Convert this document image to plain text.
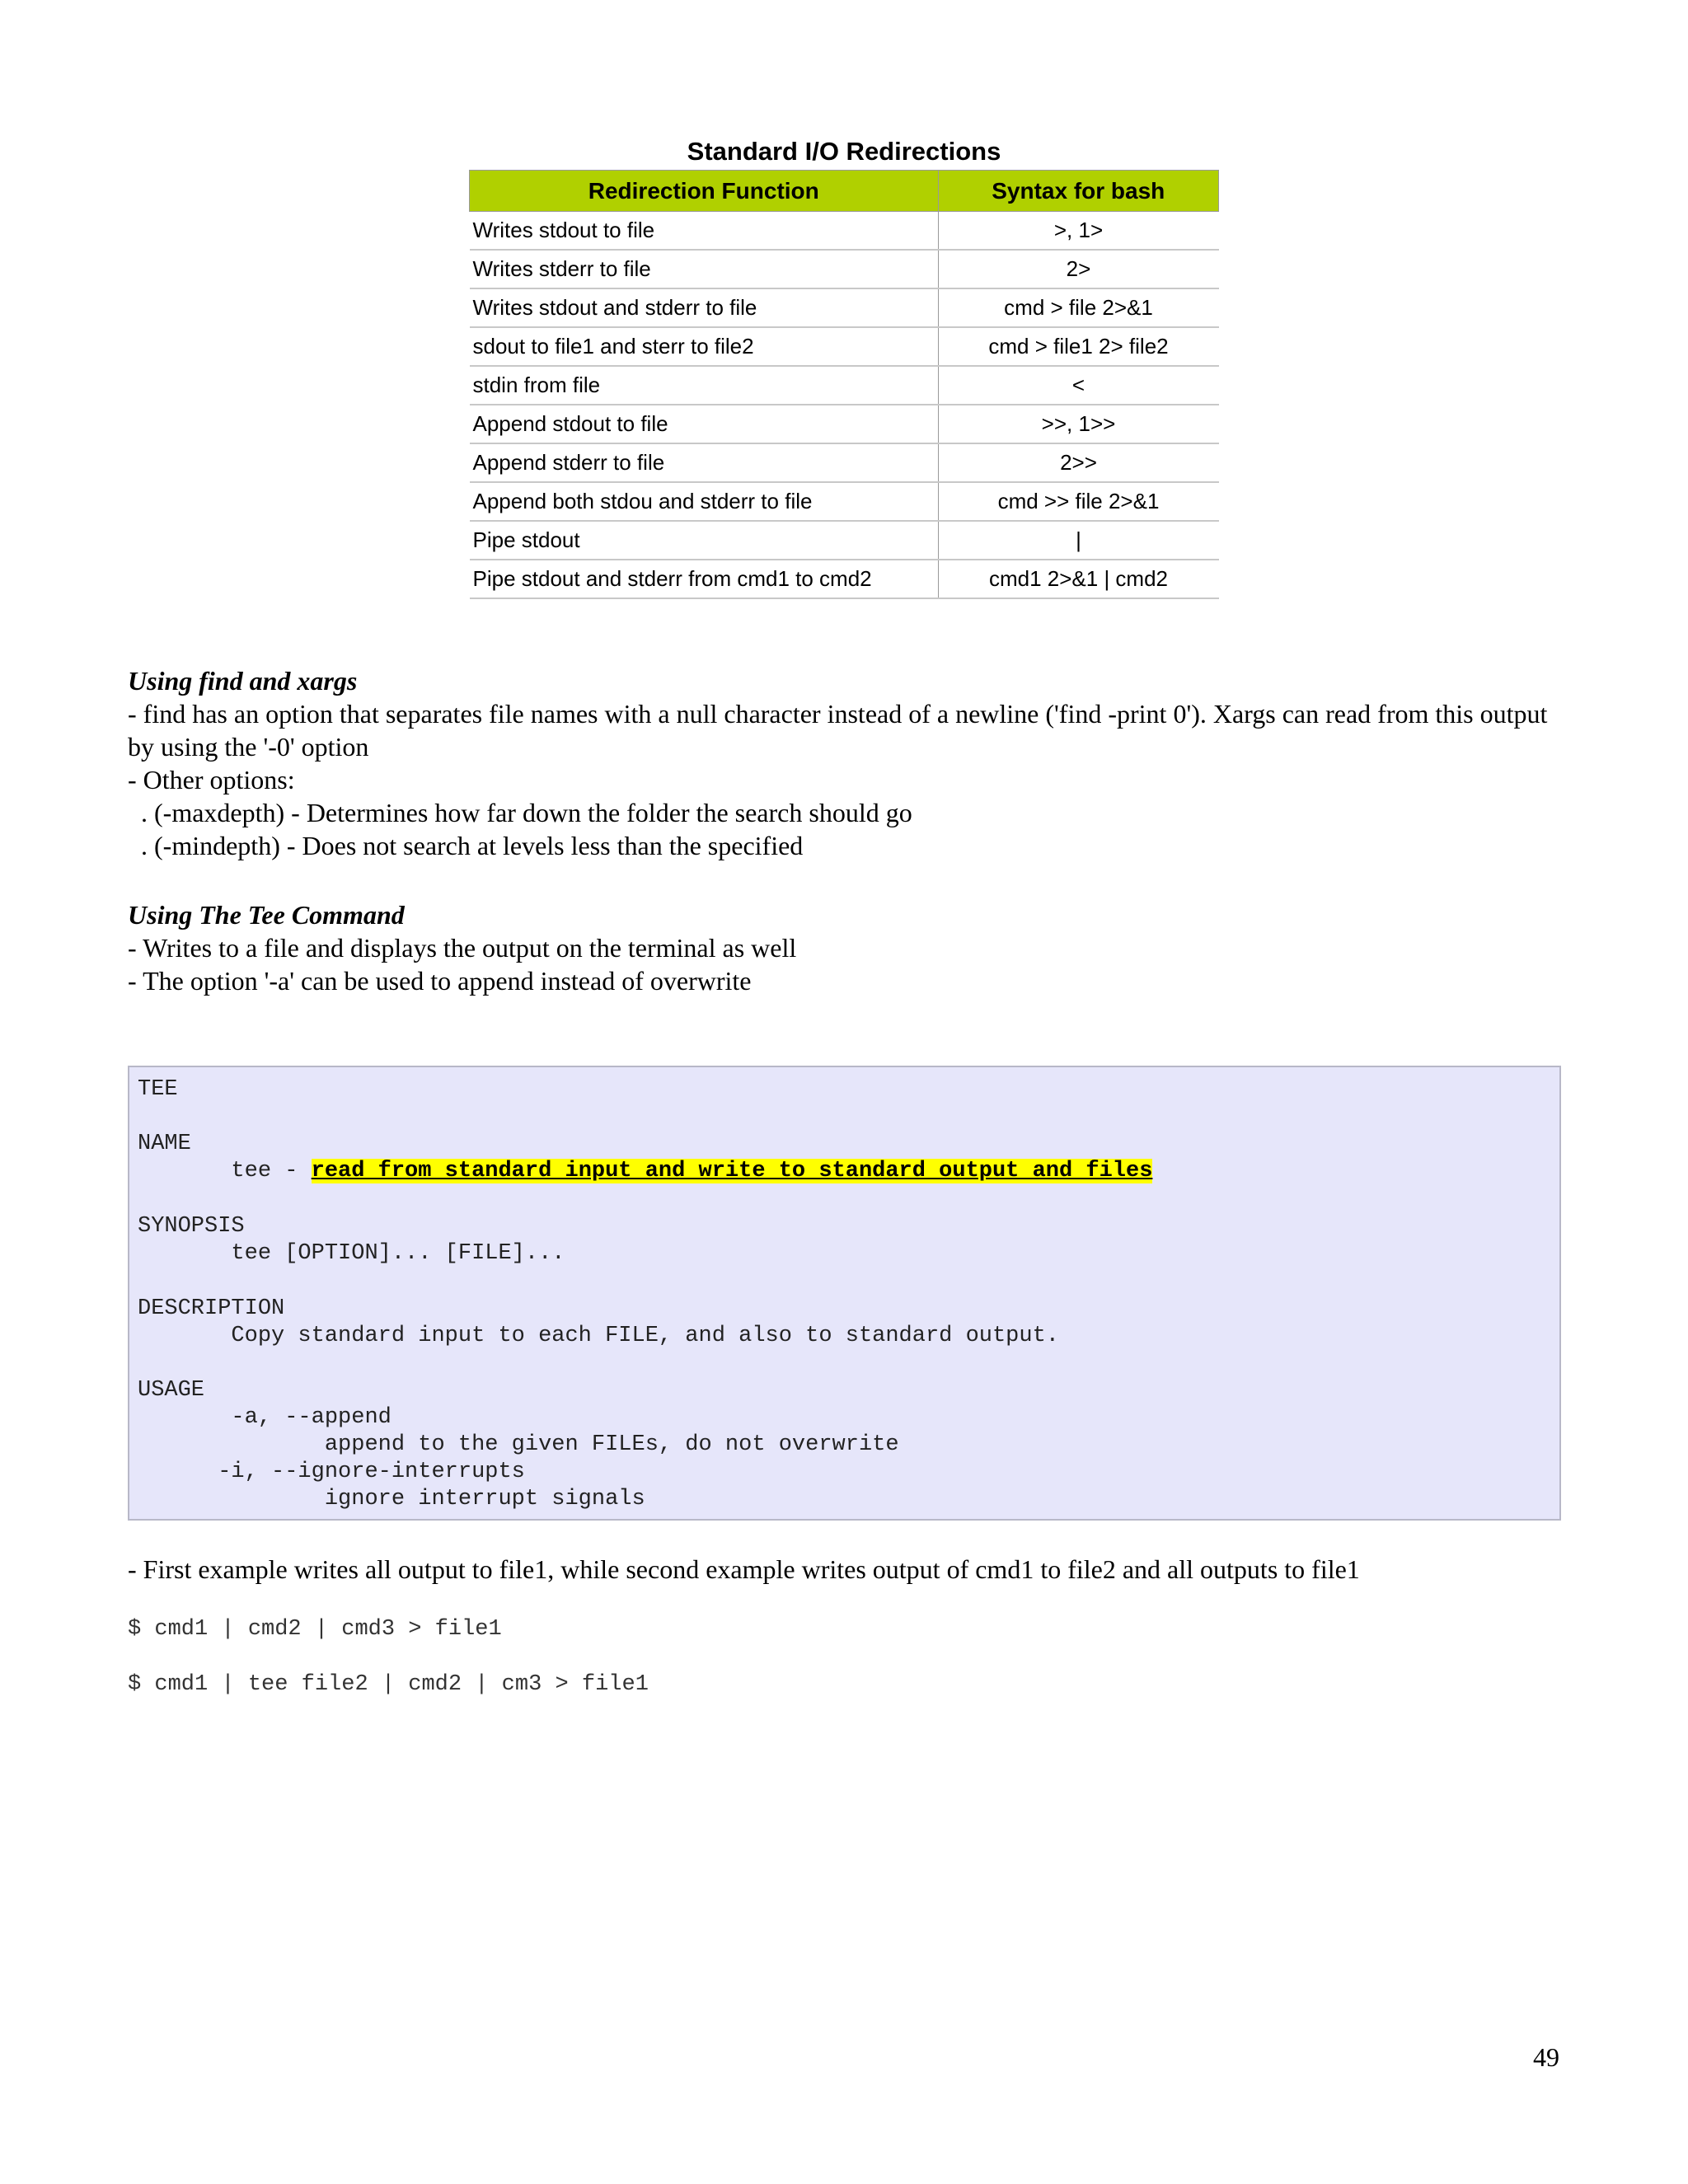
Standard I/O Redirections
Redirection Function	Syntax for bash
Writes stdout to file	>, 1>
Writes stderr to file	2>
Writes stdout and stderr to file	cmd > file 2>&1
sdout to file1 and sterr to file2	cmd > file1 2> file2
stdin from file	<
Append stdout to file	>>, 1>>
Append stderr to file	2>>
Append both stdou and stderr to file	cmd >> file 2>&1
Pipe stdout	|
Pipe stdout and stderr from cmd1 to cmd2	cmd1 2>&1 | cmd2
Using find and xargs

- find has an option that separates file names with a null character instead of a newline ('find -print 0'). Xargs can read from this output by using the '-0' option

- Other options:

. (-maxdepth) - Determines how far down the folder the search should go

. (-mindepth) - Does not search at levels less than the specified

Using The Tee Command

- Writes to a file and displays the output on the terminal as well

- The option '-a' can be used to append instead of overwrite

TEE
NAME
tee - read from standard input and write to standard output and files
SYNOPSIS
tee [OPTION]... [FILE]...
DESCRIPTION
Copy standard input to each FILE, and also to standard output.
USAGE
-a, --append
append to the given FILEs, do not overwrite
-i, --ignore-interrupts
ignore interrupt signals
- First example writes all output to file1, while second example writes output of cmd1 to file2 and all outputs to file1
$ cmd1 | cmd2 | cmd3 > file1
$ cmd1 | tee file2 | cmd2 | cm3 > file1
49
